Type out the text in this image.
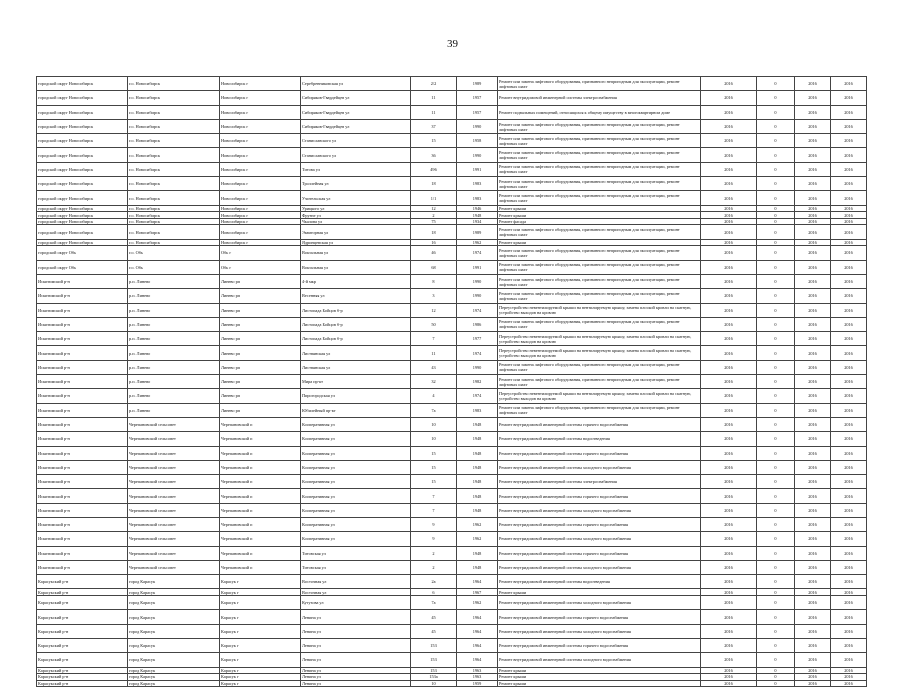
39
городской округ Новосибирск	г.о. Новосибирск	Новосибирск г	Серебренниковская ул	2/2	1989	Ремонт или замена лифтового оборудования, признанного непригодным для эксплуатации, ремонт лифтовых шахт	2016	0	2016	2016
городской округ Новосибирск	г.о. Новосибирск	Новосибирск г	Сибиряков-Гвардейцев ул	11	1957	Ремонт внутридомовой инженерной системы электроснабжения	2016	0	2016	2016
городской округ Новосибирск	г.о. Новосибирск	Новосибирск г	Сибиряков-Гвардейцев ул	11	1957	Ремонт подвальных помещений, относящихся к общему имуществу в многоквартирном доме	2016	0	2016	2016
городской округ Новосибирск	г.о. Новосибирск	Новосибирск г	Сибиряков-Гвардейцев ул	37	1990	Ремонт или замена лифтового оборудования, признанного непригодным для эксплуатации, ремонт лифтовых шахт	2016	0	2016	2016
городской округ Новосибирск	г.о. Новосибирск	Новосибирск г	Станиславского ул	15	1958	Ремонт или замена лифтового оборудования, признанного непригодным для эксплуатации, ремонт лифтовых шахт	2016	0	2016	2016
городской округ Новосибирск	г.о. Новосибирск	Новосибирск г	Станиславского ул	36	1990	Ремонт или замена лифтового оборудования, признанного непригодным для эксплуатации, ремонт лифтовых шахт	2016	0	2016	2016
городской округ Новосибирск	г.о. Новосибирск	Новосибирск г	Титова ул	496	1991	Ремонт или замена лифтового оборудования, признанного непригодным для эксплуатации, ремонт лифтовых шахт	2016	0	2016	2016
городской округ Новосибирск	г.о. Новосибирск	Новосибирск г	Троллейная ул	18	1983	Ремонт или замена лифтового оборудования, признанного непригодным для эксплуатации, ремонт лифтовых шахт	2016	0	2016	2016
городской округ Новосибирск	г.о. Новосибирск	Новосибирск г	Учительская ул	1/1	1983	Ремонт или замена лифтового оборудования, признанного непригодным для эксплуатации, ремонт лифтовых шахт	2016	0	2016	2016
городской округ Новосибирск	г.о. Новосибирск	Новосибирск г	Урицкого ул	12	1946	Ремонт крыши	2016	0	2016	2016
городской округ Новосибирск	г.о. Новосибирск	Новосибирск г	Фрунзе ул	2	1948	Ремонт крыши	2016	0	2016	2016
городской округ Новосибирск	г.о. Новосибирск	Новосибирск г	Чкалова ул	75	1934	Ремонт фасада	2016	0	2016	2016
городской округ Новосибирск	г.о. Новосибирск	Новосибирск г	Экваторная ул	18	1989	Ремонт или замена лифтового оборудования, признанного непригодным для эксплуатации, ремонт лифтовых шахт	2016	0	2016	2016
городской округ Новосибирск	г.о. Новосибирск	Новосибирск г	Ядринцевская ул	16	1962	Ремонт крыши	2016	0	2016	2016
городской округ Обь	г.о. Обь	Обь г	Вокзальная ул	46	1974	Ремонт или замена лифтового оборудования, признанного непригодным для эксплуатации, ремонт лифтовых шахт	2016	0	2016	2016
городской округ Обь	г.о. Обь	Обь г	Вокзальная ул	68	1991	Ремонт или замена лифтового оборудования, признанного непригодным для эксплуатации, ремонт лифтовых шахт	2016	0	2016	2016
Искитимский р-н	р.п. Линево	Линево рп	4-й мкр	8	1990	Ремонт или замена лифтового оборудования, признанного непригодным для эксплуатации, ремонт лифтовых шахт	2016	0	2016	2016
Искитимский р-н	р.п. Линево	Линево рп	Весенняя ул	3	1990	Ремонт или замена лифтового оборудования, признанного непригодным для эксплуатации, ремонт лифтовых шахт	2016	0	2016	2016
Искитимский р-н	р.п. Линево	Линево рп	Листопада Бойцов б-р	12	1974	Переустройство невентилируемой крыши на вентилируемую крышу, замена плоской кровли на скатную, устройство выходов на кровлю	2016	0	2016	2016
Искитимский р-н	р.п. Линево	Линево рп	Листопада Бойцов б-р	50	1986	Ремонт или замена лифтового оборудования, признанного непригодным для эксплуатации, ремонт лифтовых шахт	2016	0	2016	2016
Искитимский р-н	р.п. Линево	Линево рп	Листопада Бойцов б-р	7	1977	Переустройство невентилируемой крыши на вентилируемую крышу, замена плоской кровли на скатную, устройство выходов на кровлю	2016	0	2016	2016
Искитимский р-н	р.п. Линево	Линево рп	Листвянская ул	11	1974	Переустройство невентилируемой крыши на вентилируемую крышу, замена плоской кровли на скатную, устройство выходов на кровлю	2016	0	2016	2016
Искитимский р-н	р.п. Линево	Линево рп	Листвянская ул	43	1990	Ремонт или замена лифтового оборудования, признанного непригодным для эксплуатации, ремонт лифтовых шахт	2016	0	2016	2016
Искитимский р-н	р.п. Линево	Линево рп	Мира пр-кт	32	1982	Ремонт или замена лифтового оборудования, признанного непригодным для эксплуатации, ремонт лифтовых шахт	2016	0	2016	2016
Искитимский р-н	р.п. Линево	Линево рп	Пирогородская ул	4	1974	Переустройство невентилируемой крыши на вентилируемую крышу, замена плоской кровли на скатную, устройство выходов на кровлю	2016	0	2016	2016
Искитимский р-н	р.п. Линево	Линево рп	Юбилейный пр-кт	7а	1983	Ремонт или замена лифтового оборудования, признанного непригодным для эксплуатации, ремонт лифтовых шахт	2016	0	2016	2016
Искитимский р-н	Черепановский сельсовет	Черепановский п	Кооперативная ул	10	1948	Ремонт внутридомовой инженерной системы горячего водоснабжения	2016	0	2016	2016
Искитимский р-н	Черепановский сельсовет	Черепановский п	Кооперативная ул	10	1948	Ремонт внутридомовой инженерной системы водоотведения	2016	0	2016	2016
Искитимский р-н	Черепановский сельсовет	Черепановский п	Кооперативная ул	15	1948	Ремонт внутридомовой инженерной системы горячего водоснабжения	2016	0	2016	2016
Искитимский р-н	Черепановский сельсовет	Черепановский п	Кооперативная ул	15	1948	Ремонт внутридомовой инженерной системы холодного водоснабжения	2016	0	2016	2016
Искитимский р-н	Черепановский сельсовет	Черепановский п	Кооперативная ул	15	1948	Ремонт внутридомовой инженерной системы электроснабжения	2016	0	2016	2016
Искитимский р-н	Черепановский сельсовет	Черепановский п	Кооперативная ул	7	1948	Ремонт внутридомовой инженерной системы горячего водоснабжения	2016	0	2016	2016
Искитимский р-н	Черепановский сельсовет	Черепановский п	Кооперативная ул	7	1948	Ремонт внутридомовой инженерной системы холодного водоснабжения	2016	0	2016	2016
Искитимский р-н	Черепановский сельсовет	Черепановский п	Кооперативная ул	9	1962	Ремонт внутридомовой инженерной системы горячего водоснабжения	2016	0	2016	2016
Искитимский р-н	Черепановский сельсовет	Черепановский п	Кооперативная ул	9	1962	Ремонт внутридомовой инженерной системы холодного водоснабжения	2016	0	2016	2016
Искитимский р-н	Черепановский сельсовет	Черепановский п	Титовская ул	2	1948	Ремонт внутридомовой инженерной системы горячего водоснабжения	2016	0	2016	2016
Искитимский р-н	Черепановский сельсовет	Черепановский п	Титовская ул	2	1948	Ремонт внутридомовой инженерной системы холодного водоснабжения	2016	0	2016	2016
Карасукский р-н	город Карасук	Карасук г	Восточная ул	2а	1964	Ремонт внутридомовой инженерной системы водоотведения	2016	0	2016	2016
Карасукский р-н	город Карасук	Карасук г	Восточная ул	6	1967	Ремонт крыши	2016	0	2016	2016
Карасукский р-н	город Карасук	Карасук г	Кутузова ул	7а	1962	Ремонт внутридомовой инженерной системы холодного водоснабжения	2016	0	2016	2016
Карасукский р-н	город Карасук	Карасук г	Ленина ул	45	1964	Ремонт внутридомовой инженерной системы горячего водоснабжения	2016	0	2016	2016
Карасукский р-н	город Карасук	Карасук г	Ленина ул	45	1964	Ремонт внутридомовой инженерной системы холодного водоснабжения	2016	0	2016	2016
Карасукский р-н	город Карасук	Карасук г	Ленина ул	153	1964	Ремонт внутридомовой инженерной системы горячего водоснабжения	2016	0	2016	2016
Карасукский р-н	город Карасук	Карасук г	Ленина ул	153	1964	Ремонт внутридомовой инженерной системы холодного водоснабжения	2016	0	2016	2016
Карасукский р-н	город Карасук	Карасук г	Ленина ул	153	1963	Ремонт крыши	2016	0	2016	2016
Карасукский р-н	город Карасук	Карасук г	Ленина ул	153а	1963	Ремонт крыши	2016	0	2016	2016
Карасукский р-н	город Карасук	Карасук г	Ленина ул	10	1959	Ремонт крыши	2016	0	2016	2016
